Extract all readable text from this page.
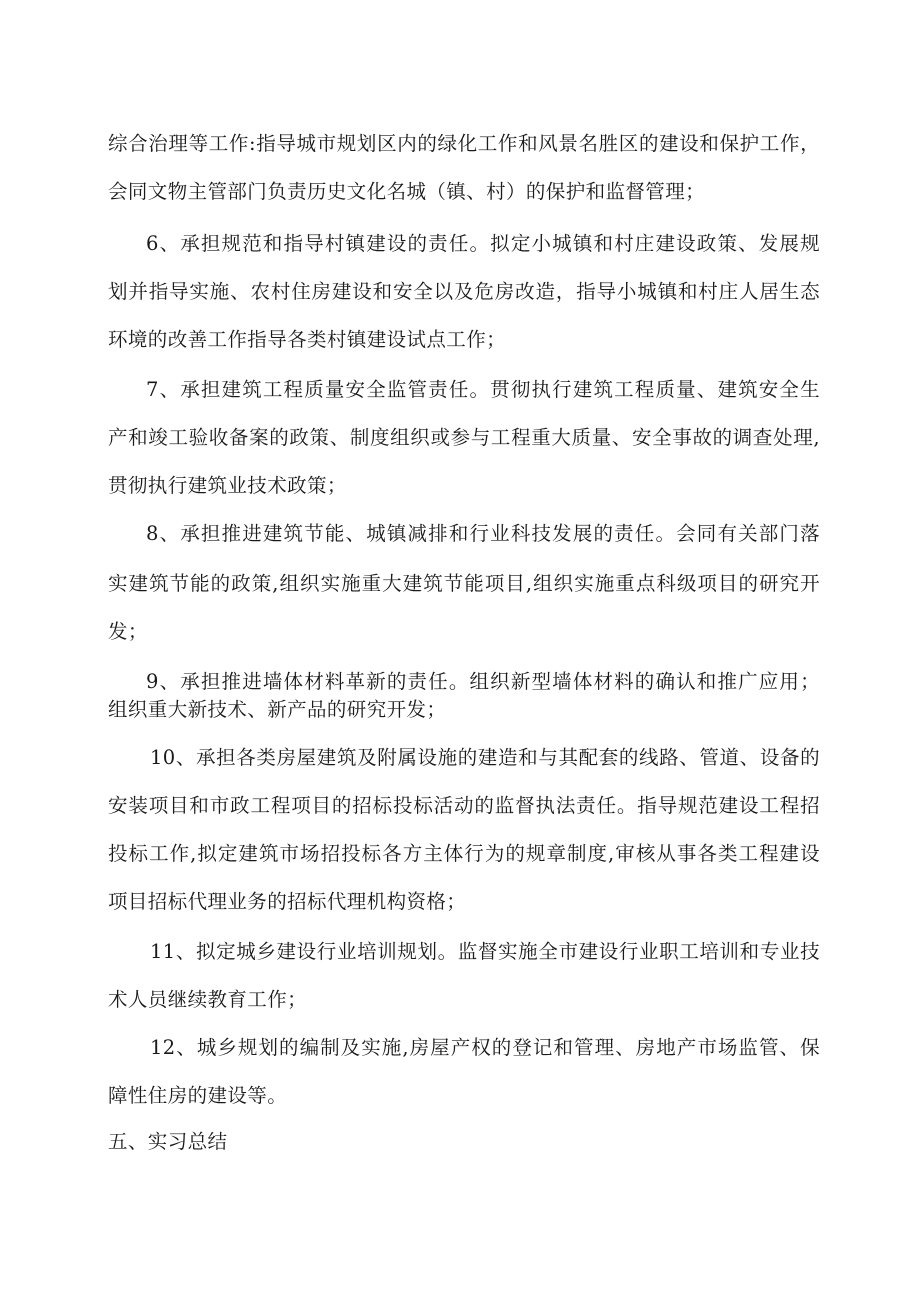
综合治理等工作:指导城市规划区内的绿化工作和风景名胜区的建设和保护工作，
会同文物主管部门负责历史文化名城（镇、村）的保护和监督管理；
6、承担规范和指导村镇建设的责任。拟定小城镇和村庄建设政策、发展规
划并指导实施、农村住房建设和安全以及危房改造，指导小城镇和村庄人居生态
环境的改善工作指导各类村镇建设试点工作；
7、承担建筑工程质量安全监管责任。贯彻执行建筑工程质量、建筑安全生
产和竣工验收备案的政策、制度组织或参与工程重大质量、安全事故的调查处理,
贯彻执行建筑业技术政策；
8、承担推进建筑节能、城镇减排和行业科技发展的责任。会同有关部门落
实建筑节能的政策,组织实施重大建筑节能项目,组织实施重点科级项目的研究开
发；
9、承担推进墙体材料革新的责任。组织新型墙体材料的确认和推广应用；
组织重大新技术、新产品的研究开发；
10、承担各类房屋建筑及附属设施的建造和与其配套的线路、管道、设备的
安装项目和市政工程项目的招标投标活动的监督执法责任。指导规范建设工程招
投标工作,拟定建筑市场招投标各方主体行为的规章制度,审核从事各类工程建设
项目招标代理业务的招标代理机构资格；
11、拟定城乡建设行业培训规划。监督实施全市建设行业职工培训和专业技
术人员继续教育工作；
12、城乡规划的编制及实施,房屋产权的登记和管理、房地产市场监管、保
障性住房的建设等。
五、实习总结
